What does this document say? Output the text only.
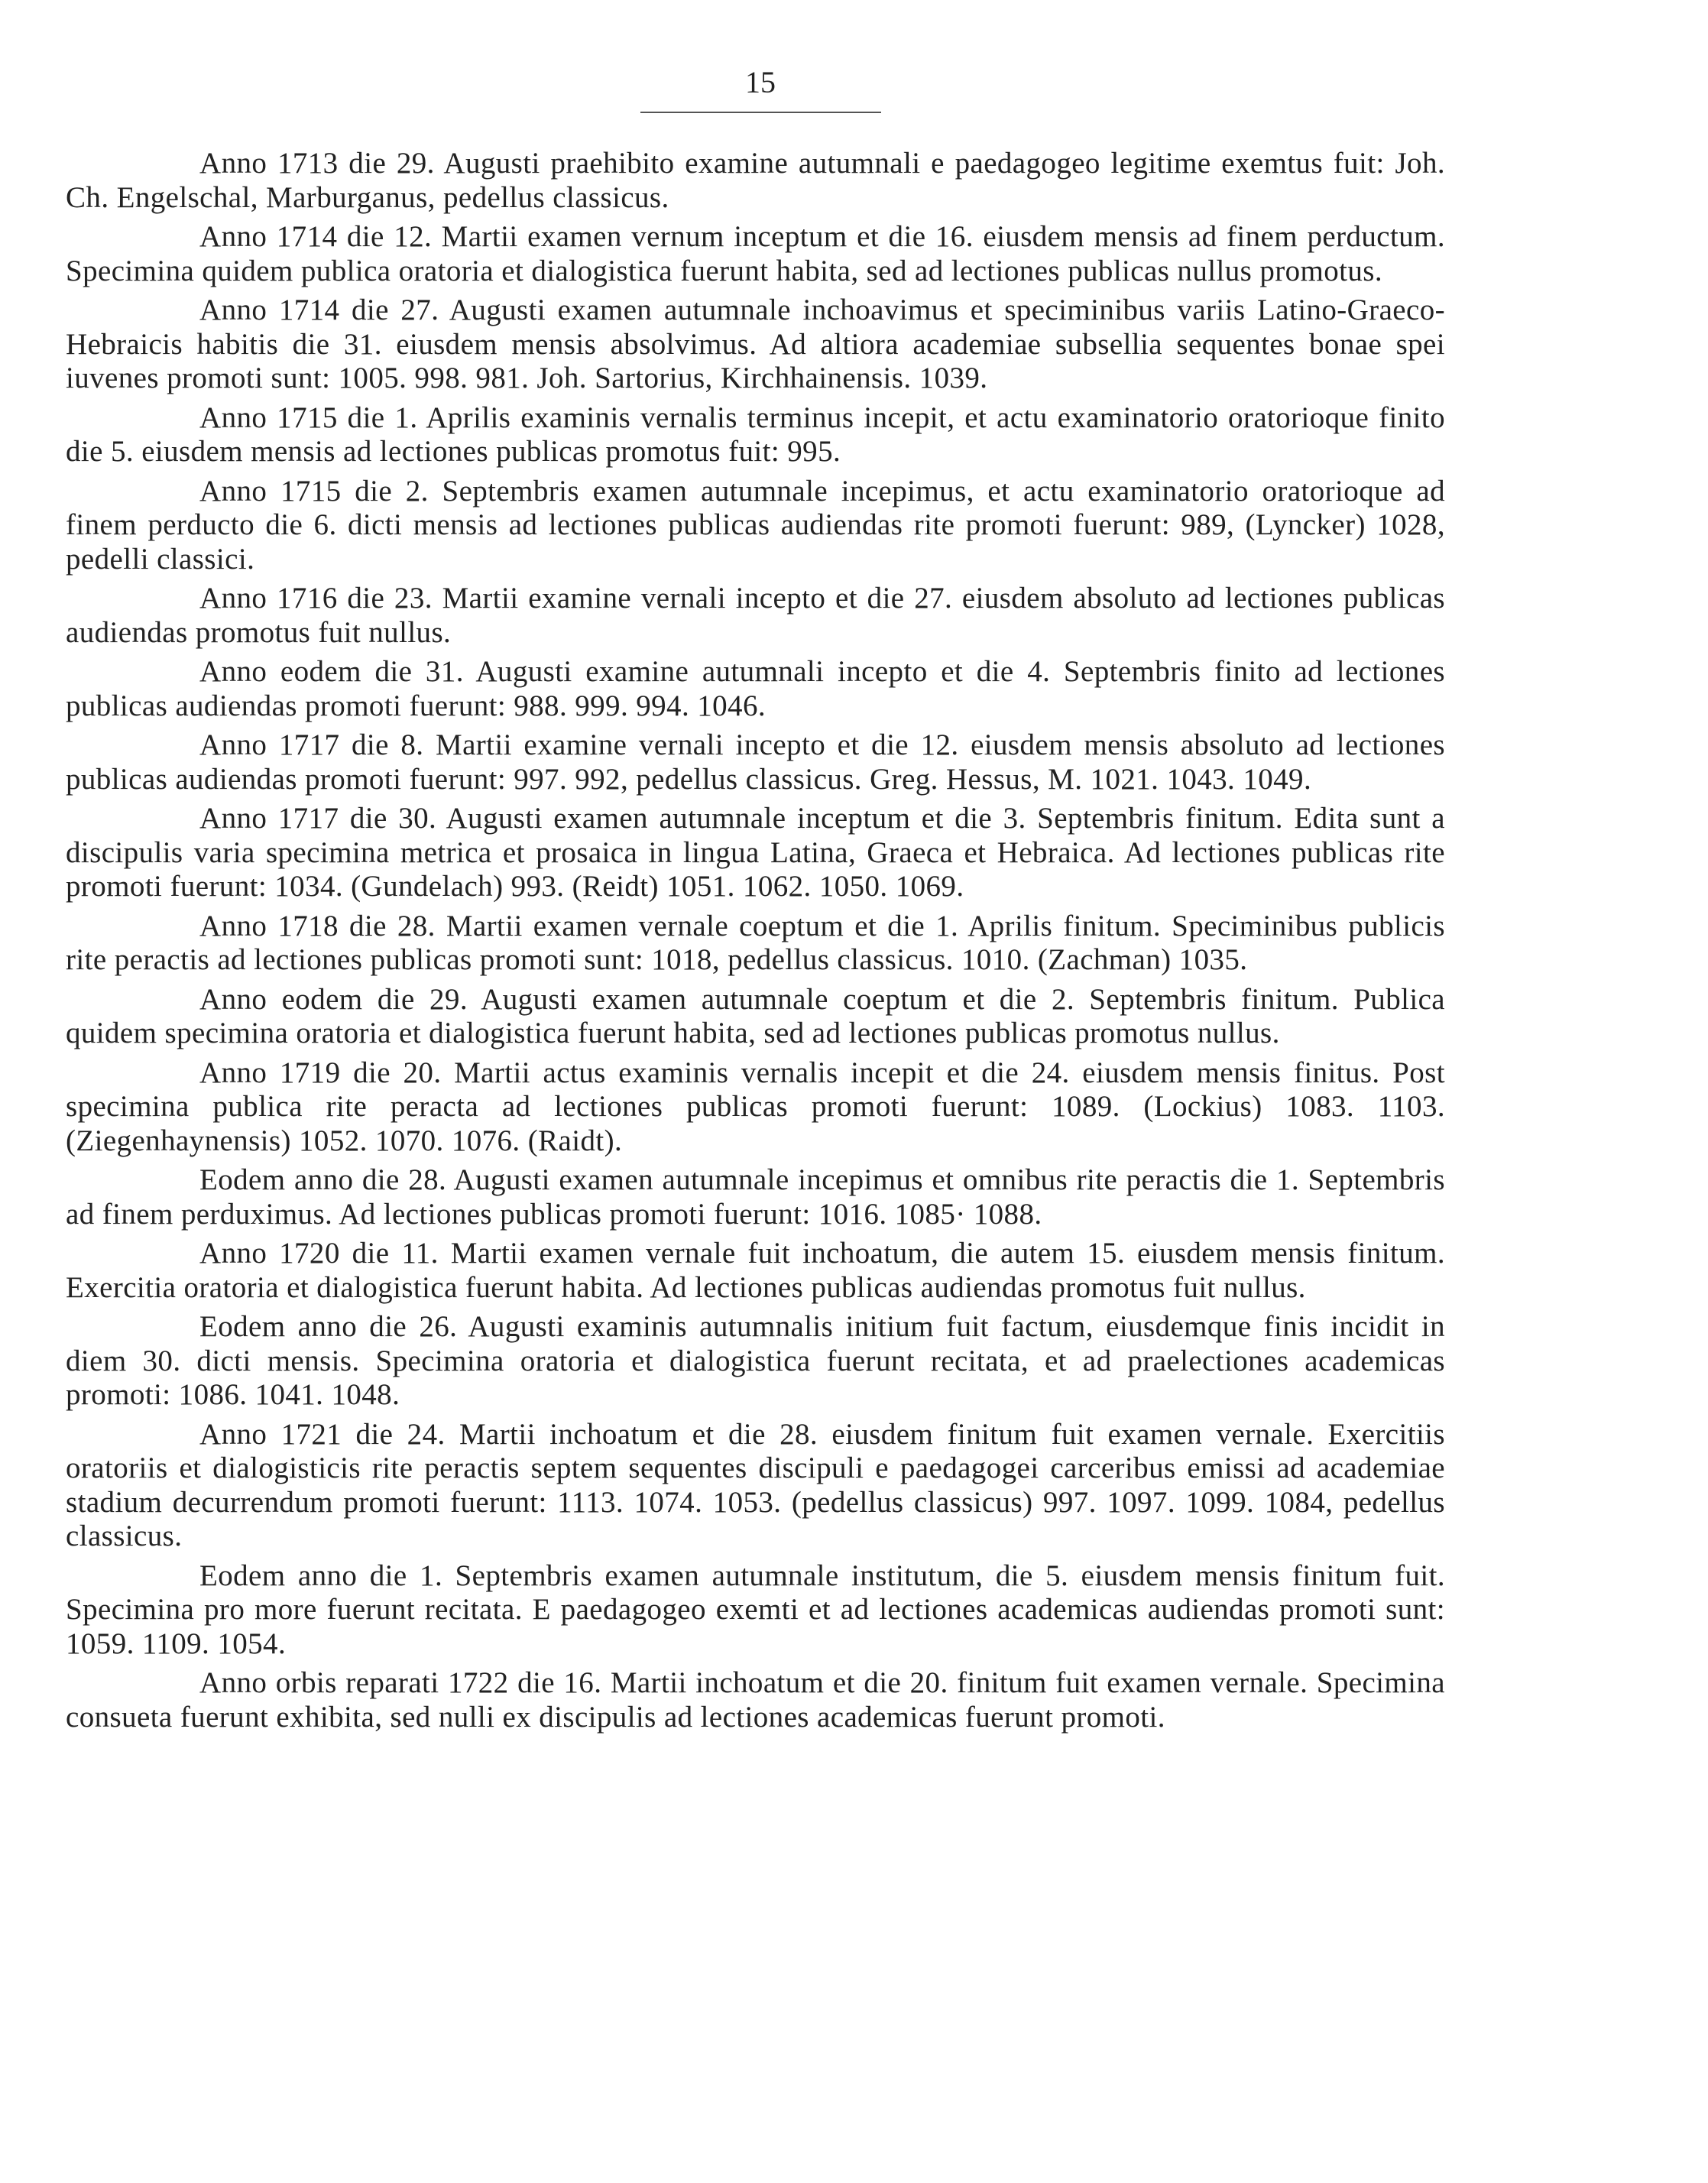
15

Anno 1713 die 29. Augusti praehibito examine autumnali e paedagogeo legitime exemtus fuit: Joh. Ch. Engelschal, Marburganus, pedellus classicus.

Anno 1714 die 12. Martii examen vernum inceptum et die 16. eiusdem mensis ad finem perductum. Specimina quidem publica oratoria et dialogistica fuerunt habita, sed ad lectiones publicas nullus promotus.

Anno 1714 die 27. Augusti examen autumnale inchoavimus et speciminibus variis Latino-Graeco-Hebraicis habitis die 31. eiusdem mensis absolvimus. Ad altiora academiae subsellia sequentes bonae spei iuvenes promoti sunt: 1005. 998. 981. Joh. Sartorius, Kirchhainensis. 1039.

Anno 1715 die 1. Aprilis examinis vernalis terminus incepit, et actu examinatorio oratorioque finito die 5. eiusdem mensis ad lectiones publicas promotus fuit: 995.

Anno 1715 die 2. Septembris examen autumnale incepimus, et actu examinatorio oratorioque ad finem perducto die 6. dicti mensis ad lectiones publicas audiendas rite promoti fuerunt: 989, (Lyncker) 1028, pedelli classici.

Anno 1716 die 23. Martii examine vernali incepto et die 27. eiusdem absoluto ad lectiones publicas audiendas promotus fuit nullus.

Anno eodem die 31. Augusti examine autumnali incepto et die 4. Septembris finito ad lectiones publicas audiendas promoti fuerunt: 988. 999. 994. 1046.

Anno 1717 die 8. Martii examine vernali incepto et die 12. eiusdem mensis absoluto ad lectiones publicas audiendas promoti fuerunt: 997. 992, pedellus classicus. Greg. Hessus, M. 1021. 1043. 1049.

Anno 1717 die 30. Augusti examen autumnale inceptum et die 3. Septembris finitum. Edita sunt a discipulis varia specimina metrica et prosaica in lingua Latina, Graeca et Hebraica. Ad lectiones publicas rite promoti fuerunt: 1034. (Gundelach) 993. (Reidt) 1051. 1062. 1050. 1069.

Anno 1718 die 28. Martii examen vernale coeptum et die 1. Aprilis finitum. Speciminibus publicis rite peractis ad lectiones publicas promoti sunt: 1018, pedellus classicus. 1010. (Zachman) 1035.

Anno eodem die 29. Augusti examen autumnale coeptum et die 2. Septembris finitum. Publica quidem specimina oratoria et dialogistica fuerunt habita, sed ad lectiones publicas promotus nullus.

Anno 1719 die 20. Martii actus examinis vernalis incepit et die 24. eiusdem mensis finitus. Post specimina publica rite peracta ad lectiones publicas promoti fuerunt: 1089. (Lockius) 1083. 1103. (Ziegenhaynensis) 1052. 1070. 1076. (Raidt).

Eodem anno die 28. Augusti examen autumnale incepimus et omnibus rite peractis die 1. Septembris ad finem perduximus. Ad lectiones publicas promoti fuerunt: 1016. 1085· 1088.

Anno 1720 die 11. Martii examen vernale fuit inchoatum, die autem 15. eiusdem mensis finitum. Exercitia oratoria et dialogistica fuerunt habita. Ad lectiones publicas audiendas promotus fuit nullus.

Eodem anno die 26. Augusti examinis autumnalis initium fuit factum, eiusdemque finis incidit in diem 30. dicti mensis. Specimina oratoria et dialogistica fuerunt recitata, et ad praelectiones academicas promoti: 1086. 1041. 1048.

Anno 1721 die 24. Martii inchoatum et die 28. eiusdem finitum fuit examen vernale. Exercitiis oratoriis et dialogisticis rite peractis septem sequentes discipuli e paedagogei carceribus emissi ad academiae stadium decurrendum promoti fuerunt: 1113. 1074. 1053. (pedellus classicus) 997. 1097. 1099. 1084, pedellus classicus.

Eodem anno die 1. Septembris examen autumnale institutum, die 5. eiusdem mensis finitum fuit. Specimina pro more fuerunt recitata. E paedagogeo exemti et ad lectiones academicas audiendas promoti sunt: 1059. 1109. 1054.

Anno orbis reparati 1722 die 16. Martii inchoatum et die 20. finitum fuit examen vernale. Specimina consueta fuerunt exhibita, sed nulli ex discipulis ad lectiones academicas fuerunt promoti.
